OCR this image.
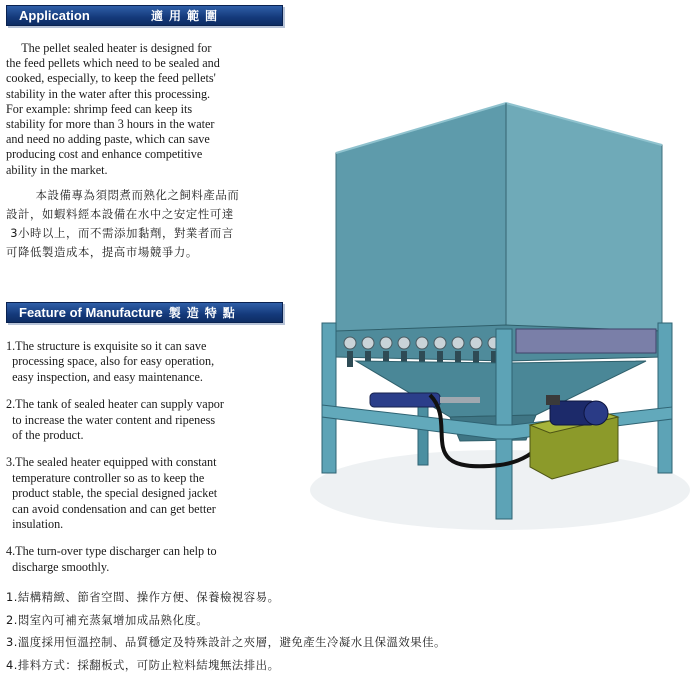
Application	適用範圍
The pellet sealed heater is designed for
the feed pellets which need to be sealed and
cooked, especially, to keep the feed pellets'
stability in the water after this processing.
For example: shrimp feed can keep its
stability for more than 3 hours in the water
and need no adding paste, which can save
producing cost and enhance competitive
ability in the market.
本設備專為須悶煮而熟化之飼料產品而
設計，如蝦料經本設備在水中之安定性可達
3小時以上，而不需添加黏劑，對業者而言
可降低製造成本，提高市場競爭力。
Feature of Manufacture 製造特點
1.The structure is exquisite so it can save
processing space, also for easy operation,
easy inspection, and easy maintenance.
2.The tank of sealed heater can supply vapor
to increase the water content and ripeness
of the product.
3.The sealed heater equipped with constant
temperature controller so as to keep the
product stable, the special designed jacket
can avoid condensation and can get better
insulation.
4.The turn-over type discharger can help to
discharge smoothly.
1.結構精緻、節省空間、操作方便、保養檢視容易。
2.悶室內可補充蒸氣增加成品熟化度。
3.溫度採用恒溫控制、品質穩定及特殊設計之夾層，避免產生冷凝水且保溫效果佳。
4.排料方式：採翻板式，可防止粒料結塊無法排出。
